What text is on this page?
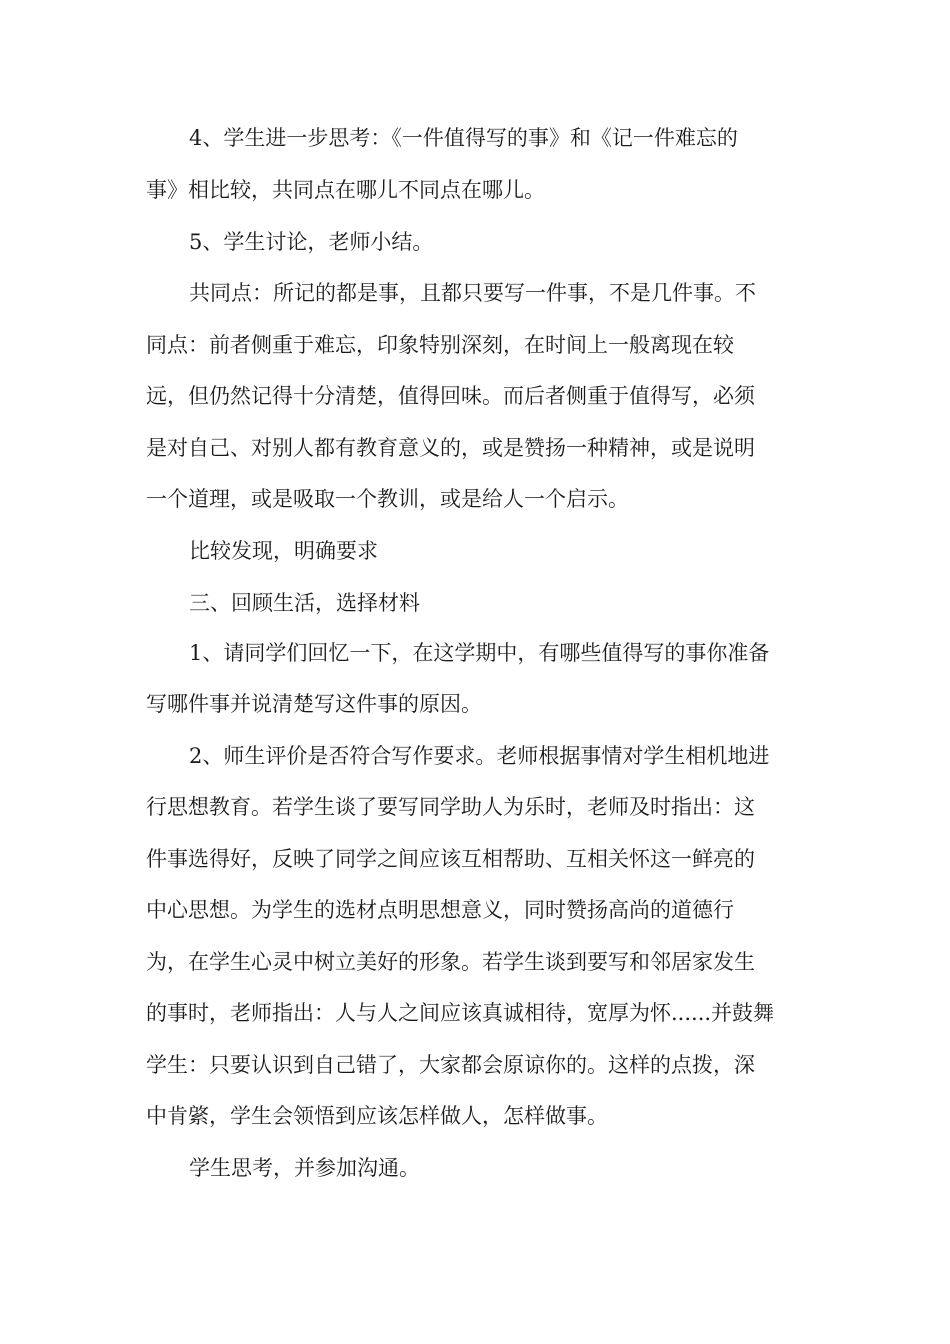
4、学生进一步思考：《一件值得写的事》和《记一件难忘的

事》相比较，共同点在哪儿不同点在哪儿。

5、学生讨论，老师小结。

共同点：所记的都是事，且都只要写一件事，不是几件事。不

同点：前者侧重于难忘，印象特别深刻，在时间上一般离现在较

远，但仍然记得十分清楚，值得回味。而后者侧重于值得写，必须

是对自己、对别人都有教育意义的，或是赞扬一种精神，或是说明

一个道理，或是吸取一个教训，或是给人一个启示。

比较发现，明确要求

三、回顾生活，选择材料

1、请同学们回忆一下，在这学期中，有哪些值得写的事你准备

写哪件事并说清楚写这件事的原因。

2、师生评价是否符合写作要求。老师根据事情对学生相机地进

行思想教育。若学生谈了要写同学助人为乐时，老师及时指出：这

件事选得好，反映了同学之间应该互相帮助、互相关怀这一鲜亮的

中心思想。为学生的选材点明思想意义，同时赞扬高尚的道德行

为，在学生心灵中树立美好的形象。若学生谈到要写和邻居家发生

的事时，老师指出：人与人之间应该真诚相待，宽厚为怀......并鼓舞

学生：只要认识到自己错了，大家都会原谅你的。这样的点拨，深

中肯綮，学生会领悟到应该怎样做人，怎样做事。

学生思考，并参加沟通。
